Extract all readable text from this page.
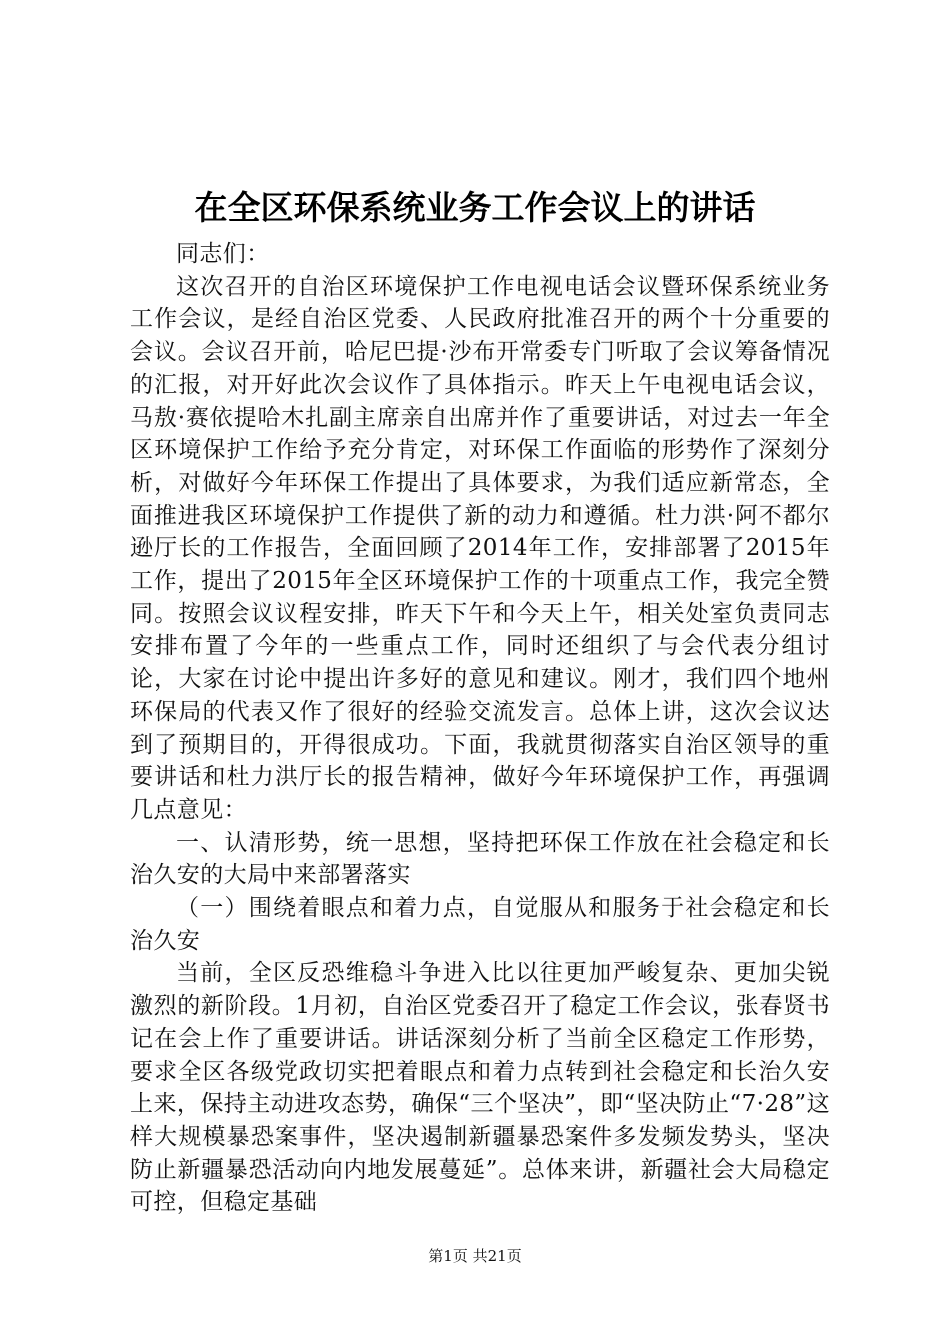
在全区环保系统业务工作会议上的讲话

同志们：

这次召开的自治区环境保护工作电视电话会议暨环保系统业务工作会议，是经自治区党委、人民政府批准召开的两个十分重要的会议。会议召开前，哈尼巴提·沙布开常委专门听取了会议筹备情况的汇报，对开好此次会议作了具体指示。昨天上午电视电话会议，马敖·赛依提哈木扎副主席亲自出席并作了重要讲话，对过去一年全区环境保护工作给予充分肯定，对环保工作面临的形势作了深刻分析，对做好今年环保工作提出了具体要求，为我们适应新常态，全面推进我区环境保护工作提供了新的动力和遵循。杜力洪·阿不都尔逊厅长的工作报告，全面回顾了2014年工作，安排部署了2015年工作，提出了2015年全区环境保护工作的十项重点工作，我完全赞同。按照会议议程安排，昨天下午和今天上午，相关处室负责同志安排布置了今年的一些重点工作，同时还组织了与会代表分组讨论，大家在讨论中提出许多好的意见和建议。刚才，我们四个地州环保局的代表又作了很好的经验交流发言。总体上讲，这次会议达到了预期目的，开得很成功。下面，我就贯彻落实自治区领导的重要讲话和杜力洪厅长的报告精神，做好今年环境保护工作，再强调几点意见：

一、认清形势，统一思想，坚持把环保工作放在社会稳定和长治久安的大局中来部署落实

（一）围绕着眼点和着力点，自觉服从和服务于社会稳定和长治久安

当前，全区反恐维稳斗争进入比以往更加严峻复杂、更加尖锐激烈的新阶段。1月初，自治区党委召开了稳定工作会议，张春贤书记在会上作了重要讲话。讲话深刻分析了当前全区稳定工作形势，要求全区各级党政切实把着眼点和着力点转到社会稳定和长治久安上来，保持主动进攻态势，确保“三个坚决”，即“坚决防止“7·28”这样大规模暴恐案事件，坚决遏制新疆暴恐案件多发频发势头，坚决防止新疆暴恐活动向内地发展蔓延”。总体来讲，新疆社会大局稳定可控，但稳定基础

第1页 共21页
